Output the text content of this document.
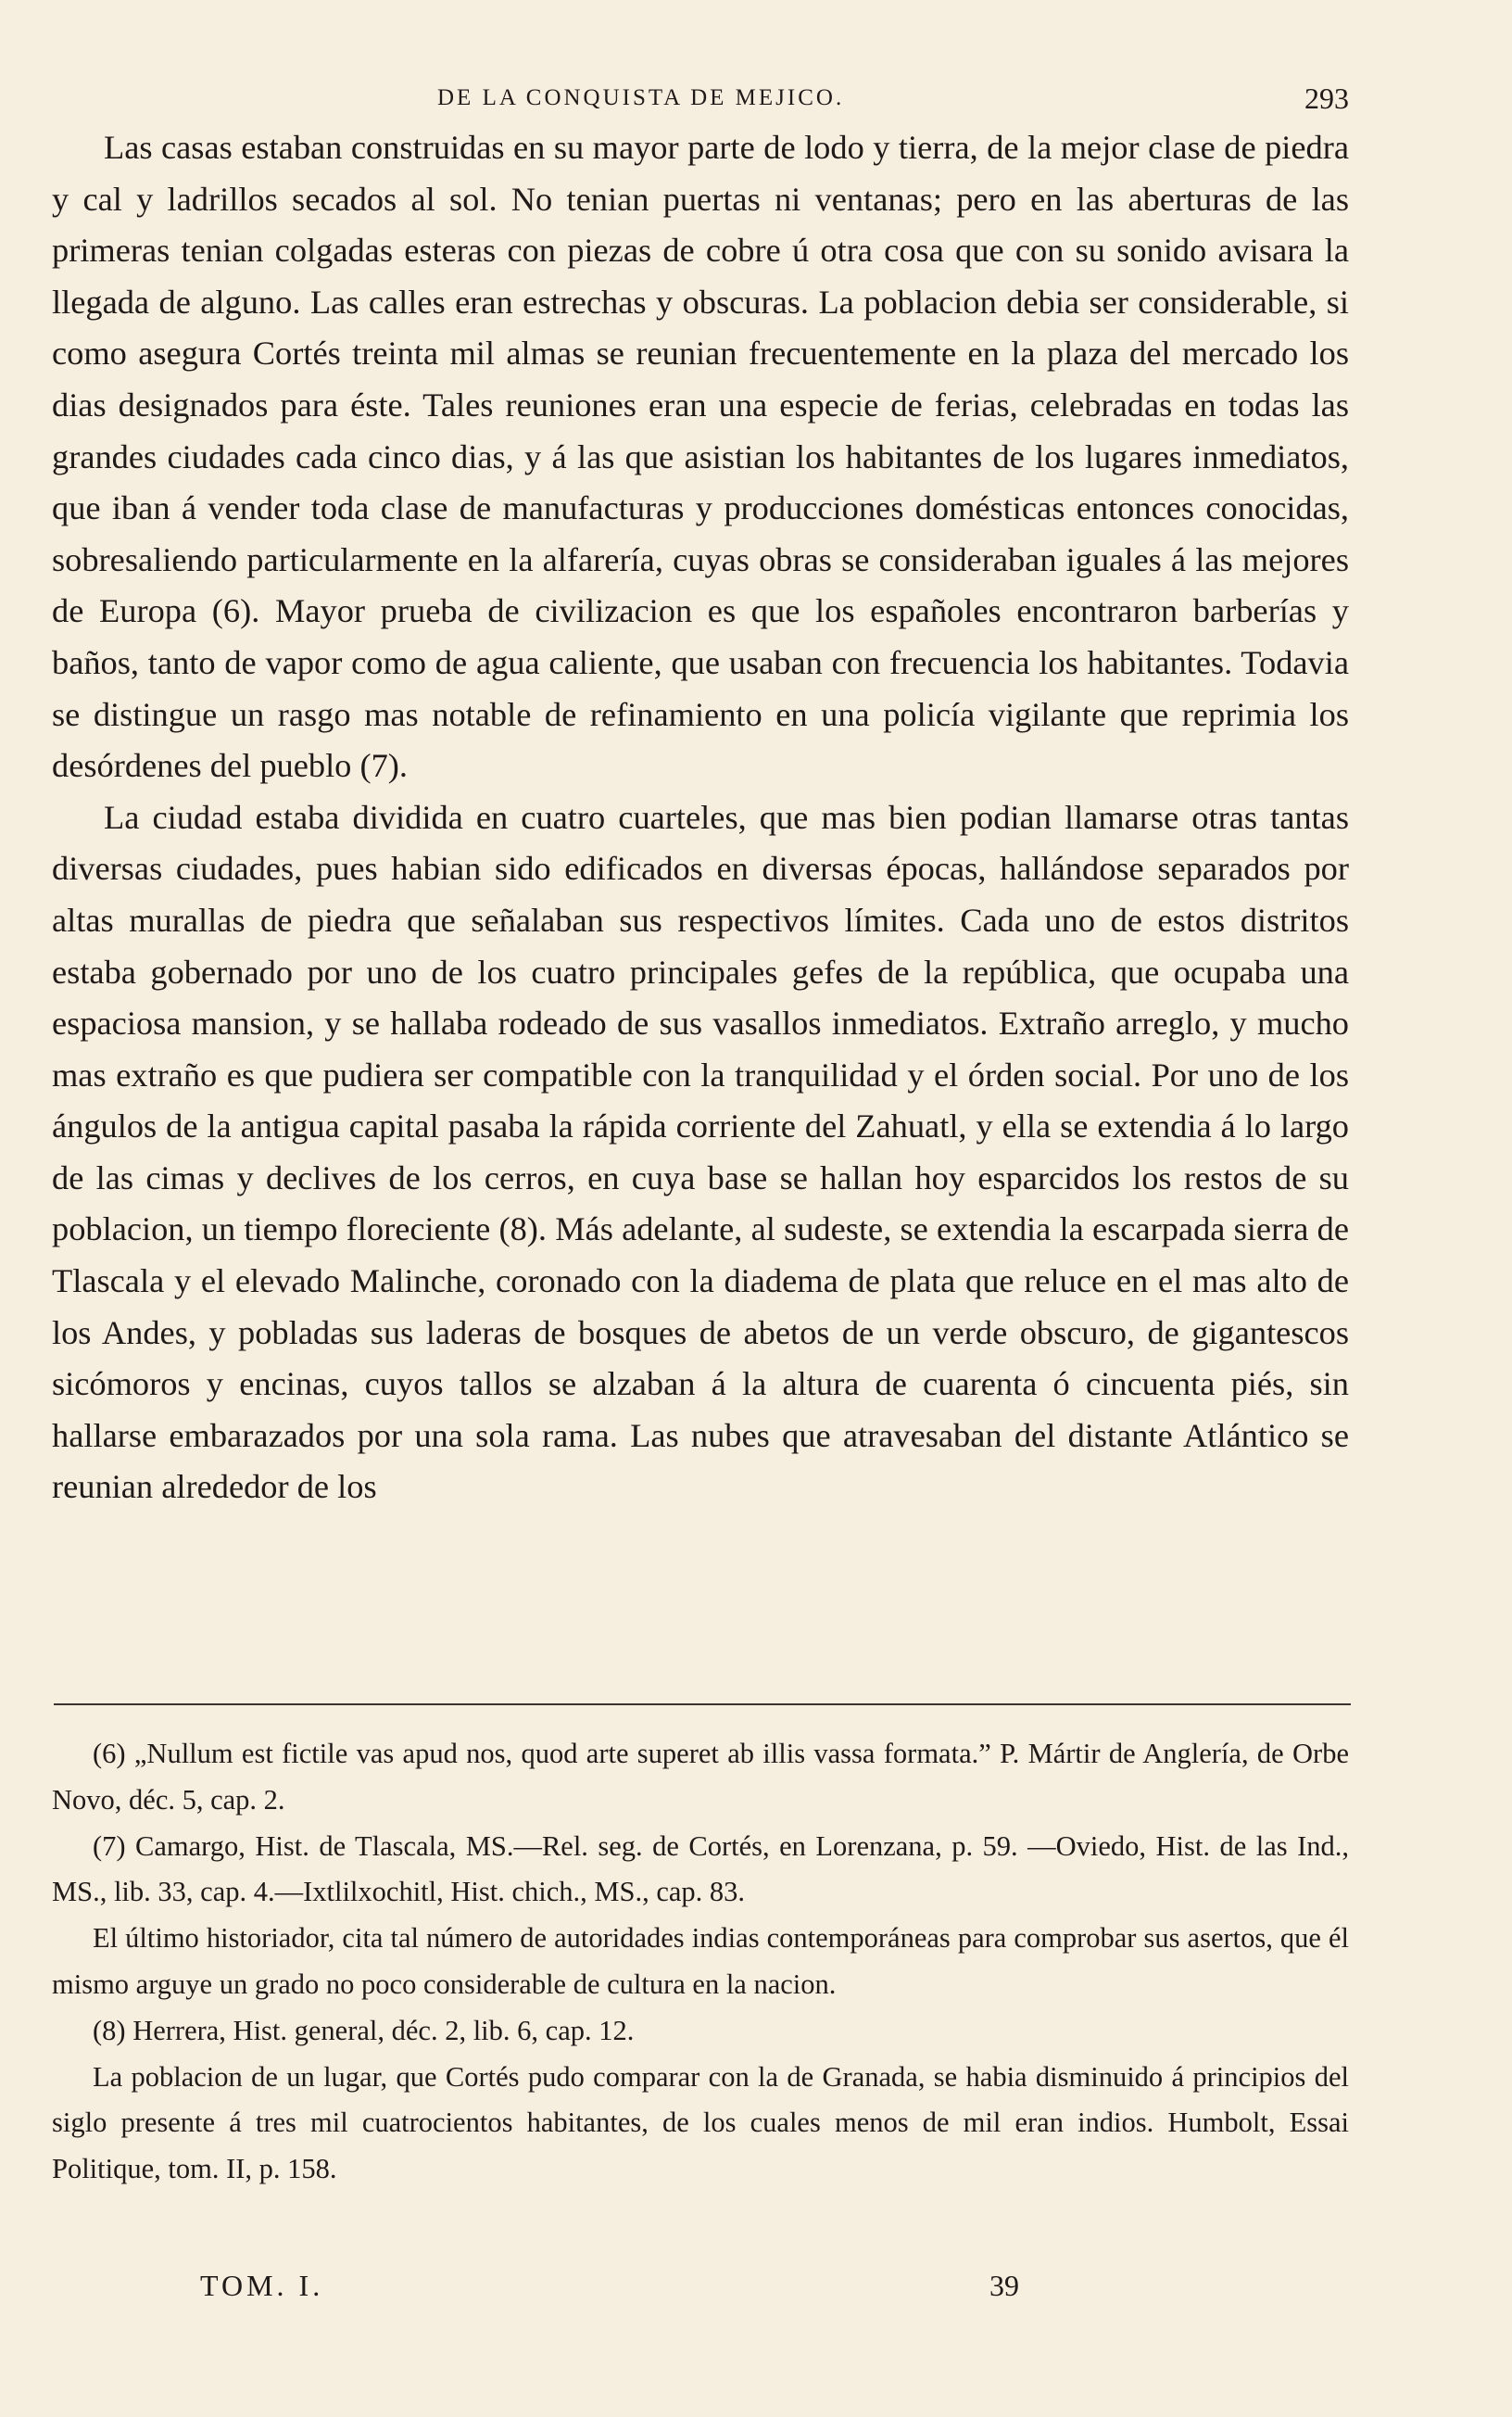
DE LA CONQUISTA DE MEJICO.	293

Las casas estaban construidas en su mayor parte de lodo y tierra, de la mejor clase de piedra y cal y ladrillos secados al sol. No tenian puertas ni ventanas; pero en las aberturas de las primeras tenian colgadas esteras con piezas de cobre ú otra cosa que con su sonido avisara la llegada de alguno. Las calles eran estrechas y obscuras. La poblacion debia ser considerable, si como asegura Cortés treinta mil almas se reunian frecuentemente en la plaza del mercado los dias designados para éste. Tales reuniones eran una especie de ferias, celebradas en todas las grandes ciudades cada cinco dias, y á las que asistian los habitantes de los lugares inmediatos, que iban á vender toda clase de manufacturas y producciones domésticas entonces conocidas, sobresaliendo particularmente en la alfarería, cuyas obras se consideraban iguales á las mejores de Europa (6). Mayor prueba de civilizacion es que los españoles encontraron barberías y baños, tanto de vapor como de agua caliente, que usaban con frecuencia los habitantes. Todavia se distingue un rasgo mas notable de refinamiento en una policía vigilante que reprimia los desórdenes del pueblo (7).

La ciudad estaba dividida en cuatro cuarteles, que mas bien podian llamarse otras tantas diversas ciudades, pues habian sido edificados en diversas épocas, hallándose separados por altas murallas de piedra que señalaban sus respectivos límites. Cada uno de estos distritos estaba gobernado por uno de los cuatro principales gefes de la república, que ocupaba una espaciosa mansion, y se hallaba rodeado de sus vasallos inmediatos. Extraño arreglo, y mucho mas extraño es que pudiera ser compatible con la tranquilidad y el órden social. Por uno de los ángulos de la antigua capital pasaba la rápida corriente del Zahuatl, y ella se extendia á lo largo de las cimas y declives de los cerros, en cuya base se hallan hoy esparcidos los restos de su poblacion, un tiempo floreciente (8). Más adelante, al sudeste, se extendia la escarpada sierra de Tlascala y el elevado Malinche, coronado con la diadema de plata que reluce en el mas alto de los Andes, y pobladas sus laderas de bosques de abetos de un verde obscuro, de gigantescos sicómoros y encinas, cuyos tallos se alzaban á la altura de cuarenta ó cincuenta piés, sin hallarse embarazados por una sola rama. Las nubes que atravesaban del distante Atlántico se reunian alrededor de los

(6) „Nullum est fictile vas apud nos, quod arte superet ab illis vassa formata.” P. Mártir de Anglería, de Orbe Novo, déc. 5, cap. 2.

(7) Camargo, Hist. de Tlascala, MS.—Rel. seg. de Cortés, en Lorenzana, p. 59. —Oviedo, Hist. de las Ind., MS., lib. 33, cap. 4.—Ixtlilxochitl, Hist. chich., MS., cap. 83.

El último historiador, cita tal número de autoridades indias contemporáneas para comprobar sus asertos, que él mismo arguye un grado no poco considerable de cultura en la nacion.

(8) Herrera, Hist. general, déc. 2, lib. 6, cap. 12.

La poblacion de un lugar, que Cortés pudo comparar con la de Granada, se habia disminuido á principios del siglo presente á tres mil cuatrocientos habitantes, de los cuales menos de mil eran indios. Humbolt, Essai Politique, tom. II, p. 158.

TOM. I.	39
